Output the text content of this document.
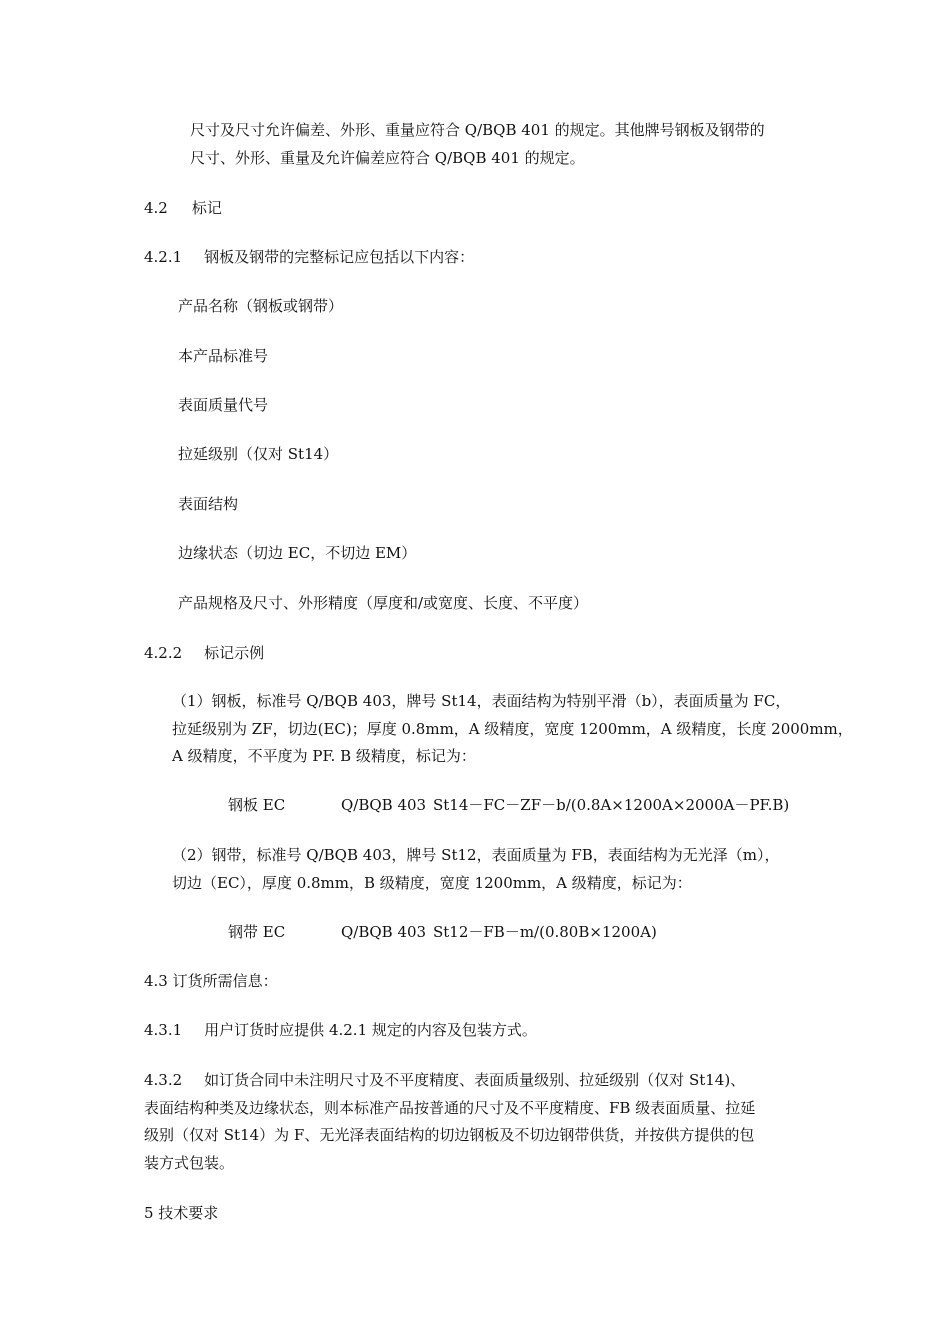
尺寸及尺寸允许偏差、外形、重量应符合 Q/BQB 401 的规定。其他牌号钢板及钢带的
尺寸、外形、重量及允许偏差应符合 Q/BQB 401 的规定。
4.2 标记
4.2.1 钢板及钢带的完整标记应包括以下内容：
产品名称（钢板或钢带）
本产品标准号
表面质量代号
拉延级别（仅对 St14）
表面结构
边缘状态（切边 EC，不切边 EM）
产品规格及尺寸、外形精度（厚度和/或宽度、长度、不平度）
4.2.2 标记示例
（1）钢板，标准号 Q/BQB 403，牌号 St14，表面结构为特别平滑（b），表面质量为 FC，
拉延级别为 ZF，切边(EC)；厚度 0.8mm，A 级精度，宽度 1200mm，A 级精度，长度 2000mm，
A 级精度，不平度为 PF. B 级精度，标记为：
钢板 EC	Q/BQB 403 St14－FC－ZF－b/(0.8A×1200A×2000A－PF.B)
（2）钢带，标准号 Q/BQB 403，牌号 St12，表面质量为 FB，表面结构为无光泽（m），
切边（EC），厚度 0.8mm，B 级精度，宽度 1200mm，A 级精度，标记为：
钢带 EC	Q/BQB 403 St12－FB－m/(0.80B×1200A)
4.3 订货所需信息：
4.3.1 用户订货时应提供 4.2.1 规定的内容及包装方式。
4.3.2 如订货合同中未注明尺寸及不平度精度、表面质量级别、拉延级别（仅对 St14)、
表面结构种类及边缘状态，则本标准产品按普通的尺寸及不平度精度、FB 级表面质量、拉延
级别（仅对 St14）为 F、无光泽表面结构的切边钢板及不切边钢带供货，并按供方提供的包
装方式包装。
5 技术要求
